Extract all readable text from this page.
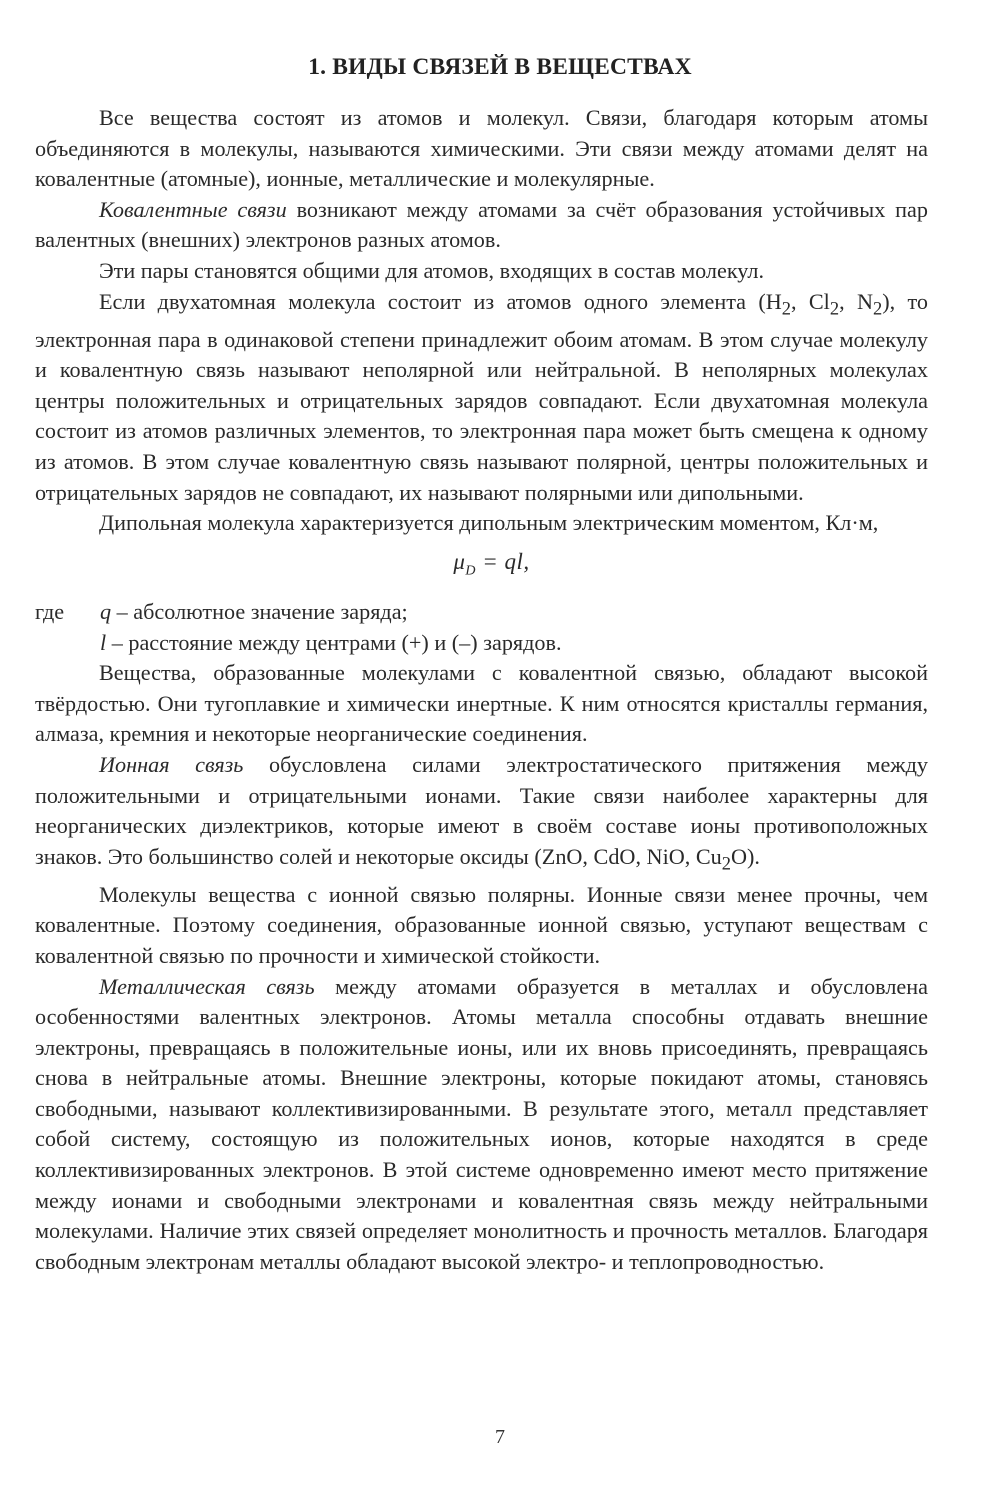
1. ВИДЫ СВЯЗЕЙ В ВЕЩЕСТВАХ

Все вещества состоят из атомов и молекул. Связи, благодаря которым атомы объединяются в молекулы, называются химическими. Эти связи между атомами делят на ковалентные (атомные), ионные, металлические и молекулярные.

Ковалентные связи возникают между атомами за счёт образования устойчивых пар валентных (внешних) электронов разных атомов.

Эти пары становятся общими для атомов, входящих в состав молекул.

Если двухатомная молекула состоит из атомов одного элемента ($H_2$, $Cl_2$, $N_2$), то электронная пара в одинаковой степени принадлежит обоим атомам. В этом случае молекулу и ковалентную связь называют неполярной или нейтральной. В неполярных молекулах центры положительных и отрицательных зарядов совпадают. Если двухатомная молекула состоит из атомов различных элементов, то электронная пара может быть смещена к одному из атомов. В этом случае ковалентную связь называют полярной, центры положительных и отрицательных зарядов не совпадают, их называют полярными или дипольными.

Дипольная молекула характеризуется дипольным электрическим моментом, Кл·м,

$\mu_D$ = ql,
где	q – абсолютное значение заряда;
l – расстояние между центрами (+) и (–) зарядов.

Вещества, образованные молекулами с ковалентной связью, обладают высокой твёрдостью. Они тугоплавкие и химически инертные. К ним относятся кристаллы германия, алмаза, кремния и некоторые неорганические соединения.

Ионная связь обусловлена силами электростатического притяжения между положительными и отрицательными ионами. Такие связи наиболее характерны для неорганических диэлектриков, которые имеют в своём составе ионы противоположных знаков. Это большинство солей и некоторые оксиды (ZnO, CdO, NiO, $Cu_2O$).

Молекулы вещества с ионной связью полярны. Ионные связи менее прочны, чем ковалентные. Поэтому соединения, образованные ионной связью, уступают веществам с ковалентной связью по прочности и химической стойкости.

Металлическая связь между атомами образуется в металлах и обусловлена особенностями валентных электронов. Атомы металла способны отдавать внешние электроны, превращаясь в положительные ионы, или их вновь присоединять, превращаясь снова в нейтральные атомы. Внешние электроны, которые покидают атомы, становясь свободными, называют коллективизированными. В результате этого, металл представляет собой систему, состоящую из положительных ионов, которые находятся в среде коллективизированных электронов. В этой системе одновременно имеют место притяжение между ионами и свободными электронами и ковалентная связь между нейтральными молекулами. Наличие этих связей определяет монолитность и прочность металлов. Благодаря свободным электронам металлы обладают высокой электро- и теплопроводностью.

7
